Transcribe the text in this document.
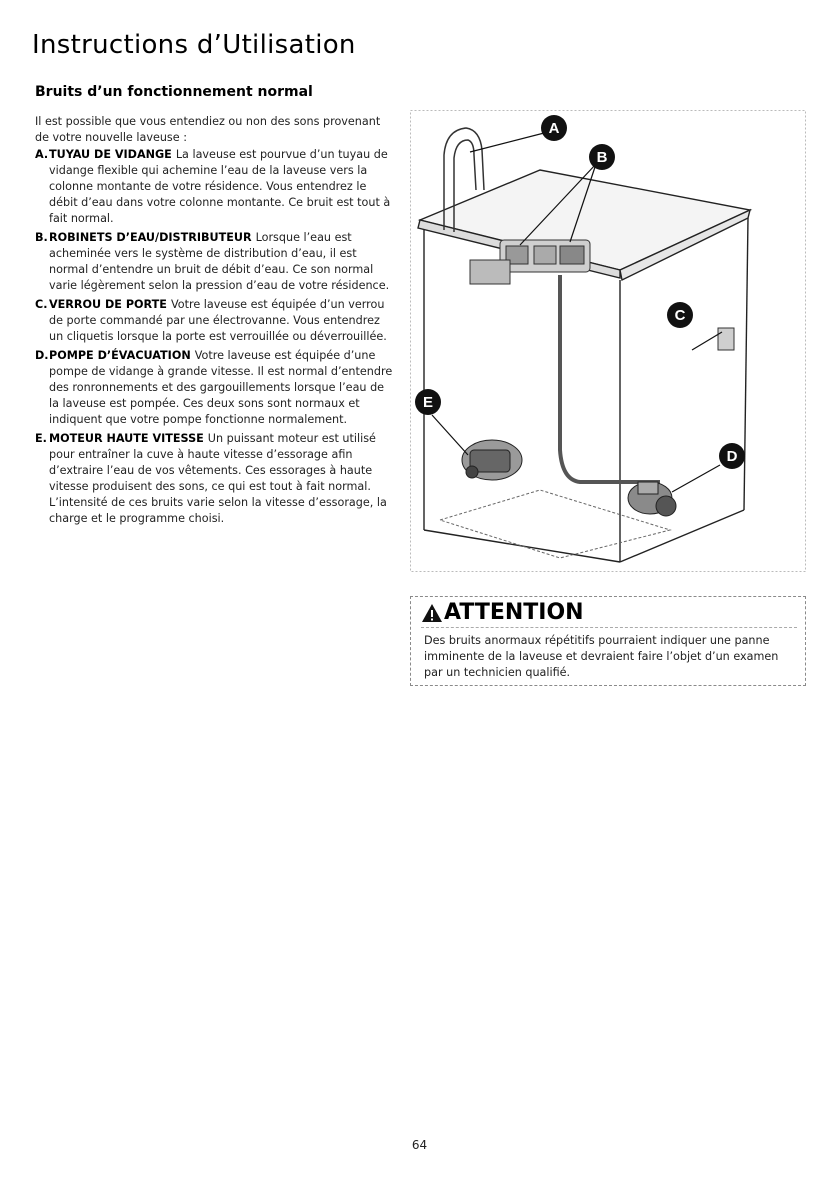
Instructions d’Utilisation
Bruits d’un fonctionnement normal

Il est possible que vous entendiez ou non des sons provenant de votre nouvelle laveuse :

A. TUYAU DE VIDANGE La laveuse est pourvue d’un tuyau de vidange flexible qui achemine l’eau de la laveuse vers la colonne montante de votre résidence. Vous entendrez le débit d’eau dans votre colonne montante. Ce bruit est tout à fait normal.
B. ROBINETS D’EAU/DISTRIBUTEUR Lorsque l’eau est acheminée vers le système de distribution d’eau, il est normal d’entendre un bruit de débit d’eau. Ce son normal varie légèrement selon la pression d’eau de votre résidence.
C. VERROU DE PORTE Votre laveuse est équipée d’un verrou de porte commandé par une électrovanne. Vous entendrez un cliquetis lorsque la porte est verrouillée ou déverrouillée.
D. POMPE D’ÉVACUATION Votre laveuse est équipée d’une pompe de vidange à grande vitesse. Il est normal d’entendre des ronronnements et des gargouillements lorsque l’eau de la laveuse est pompée. Ces deux sons sont normaux et indiquent que votre pompe fonctionne normalement.
E. MOTEUR HAUTE VITESSE Un puissant moteur est utilisé pour entraîner la cuve à haute vitesse d’essorage afin d’extraire l’eau de vos vêtements. Ces essorages à haute vitesse produisent des sons, ce qui est tout à fait normal. L’intensité de ces bruits varie selon la vitesse d’essorage, la charge et le programme choisi.
A
B
C
D
E
ATTENTION

Des bruits anormaux répétitifs pourraient indiquer une panne imminente de la laveuse et devraient faire l’objet d’un examen par un technicien qualifié.

64
